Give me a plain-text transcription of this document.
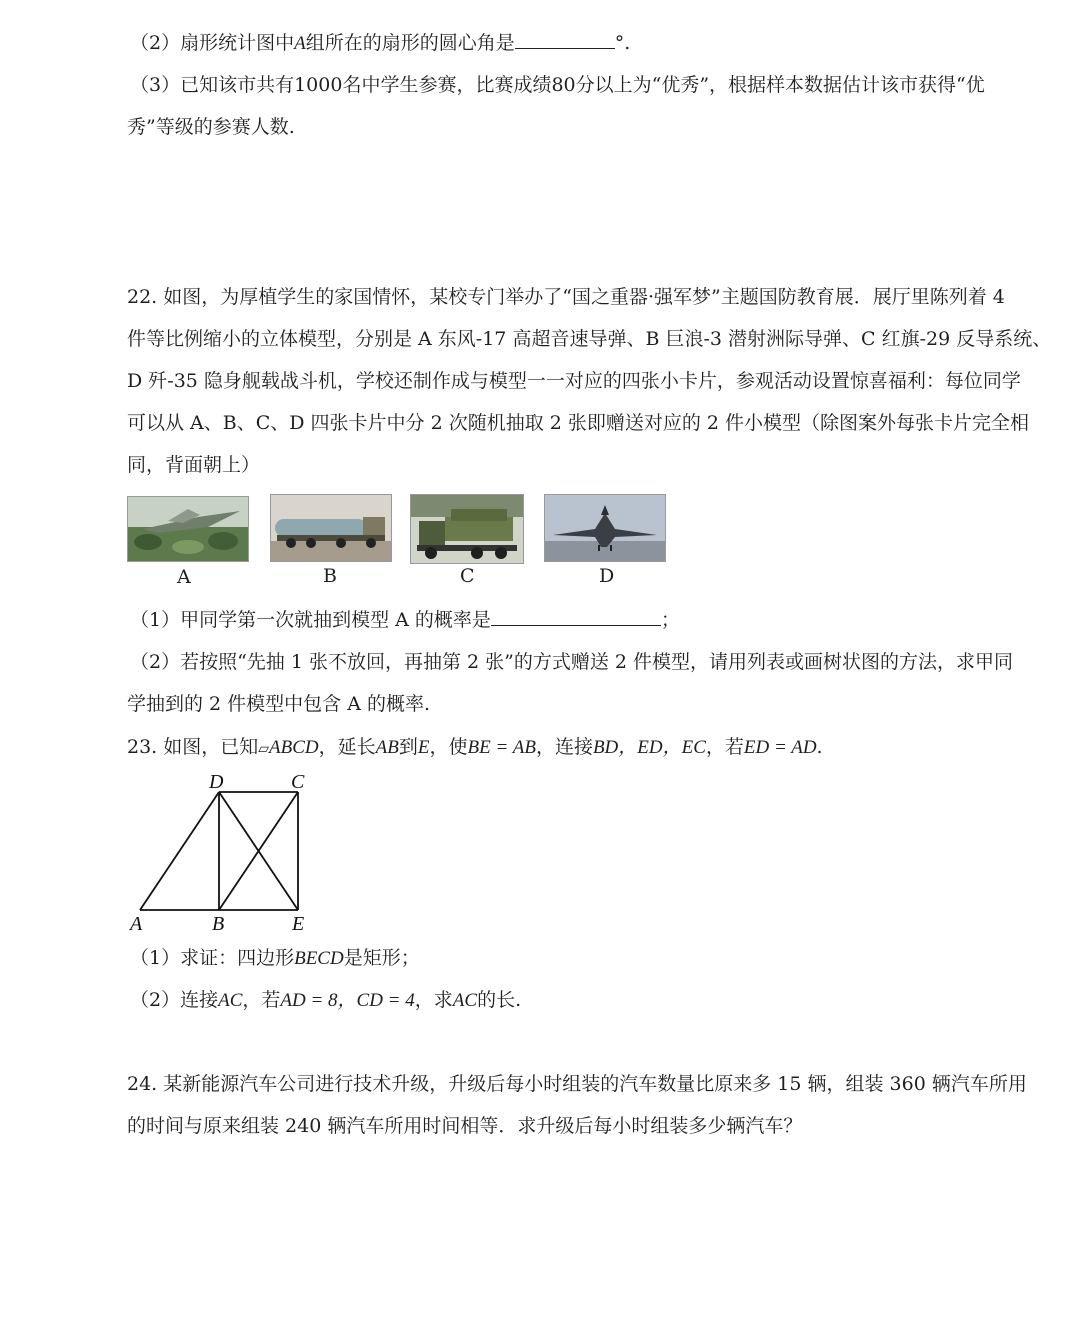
（2）扇形统计图中A组所在的扇形的圆心角是	°.
（3）已知该市共有1000名中学生参赛，比赛成绩80分以上为“优秀”，根据样本数据估计该市获得“优
秀”等级的参赛人数.
22. 如图，为厚植学生的家国情怀，某校专门举办了“国之重器·强军梦”主题国防教育展．展厅里陈列着 4
件等比例缩小的立体模型，分别是 A 东风-17 高超音速导弹、B 巨浪-3 潜射洲际导弹、C 红旗-29 反导系统、
D 歼-35 隐身舰载战斗机，学校还制作成与模型一一对应的四张小卡片，参观活动设置惊喜福利：每位同学
可以从 A、B、C、D 四张卡片中分 2 次随机抽取 2 张即赠送对应的 2 件小模型（除图案外每张卡片完全相
同，背面朝上）
A	B	C	D
（1）甲同学第一次就抽到模型 A 的概率是	；
（2）若按照“先抽 1 张不放回，再抽第 2 张”的方式赠送 2 件模型，请用列表或画树状图的方法，求甲同
学抽到的 2 件模型中包含 A 的概率.
23. 如图，已知▱ABCD，延长AB到E，使BE = AB，连接BD，ED，EC，若ED = AD.
D	C
A	B	E
（1）求证：四边形BECD是矩形；
（2）连接AC，若AD = 8，CD = 4，求AC的长.
24. 某新能源汽车公司进行技术升级，升级后每小时组装的汽车数量比原来多 15 辆，组装 360 辆汽车所用
的时间与原来组装 240 辆汽车所用时间相等．求升级后每小时组装多少辆汽车？
